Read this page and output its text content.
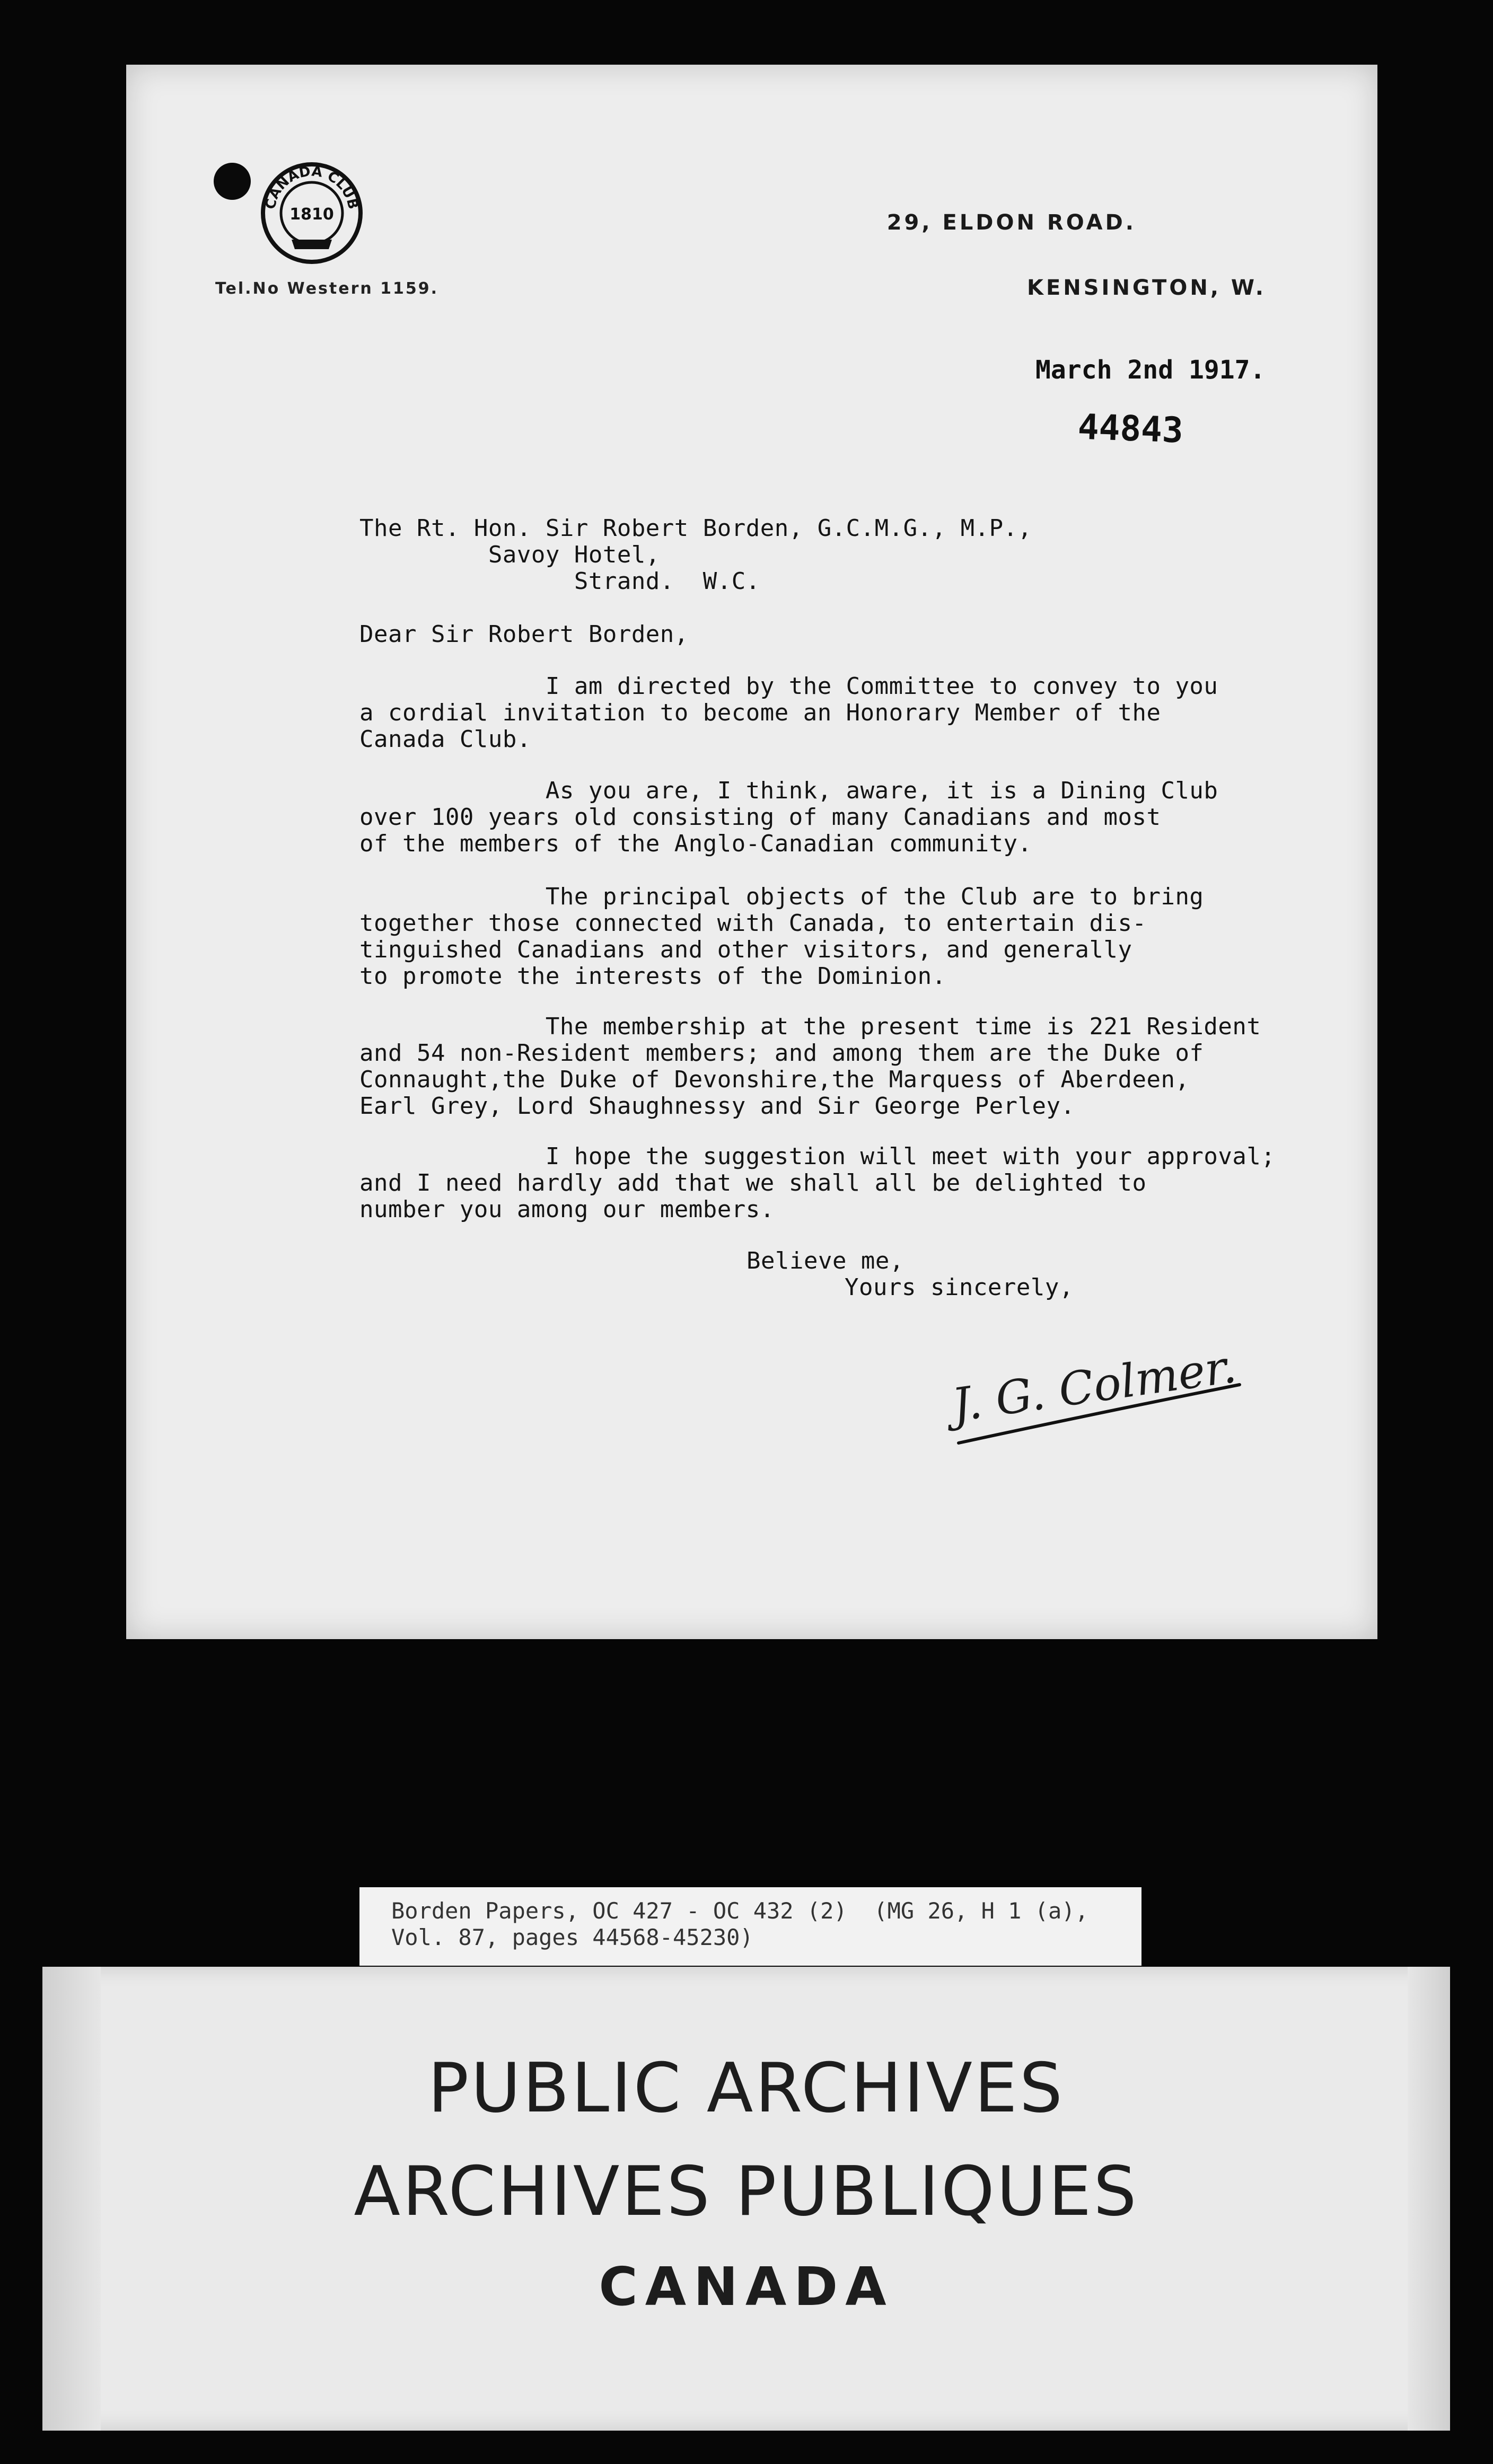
CANADA CLUB
1810
Tel.No Western 1159.
29, ELDON ROAD.
KENSINGTON, W.
March 2nd 1917.
44843
The Rt. Hon. Sir Robert Borden, G.C.M.G., M.P.,
Savoy Hotel,
Strand.  W.C.
Dear Sir Robert Borden,
I am directed by the Committee to convey to you
a cordial invitation to become an Honorary Member of the
Canada Club.
As you are, I think, aware, it is a Dining Club
over 100 years old consisting of many Canadians and most
of the members of the Anglo-Canadian community.
The principal objects of the Club are to bring
together those connected with Canada, to entertain dis-
tinguished Canadians and other visitors, and generally
to promote the interests of the Dominion.
The membership at the present time is 221 Resident
and 54 non-Resident members; and among them are the Duke of
Connaught,the Duke of Devonshire,the Marquess of Aberdeen,
Earl Grey, Lord Shaughnessy and Sir George Perley.
I hope the suggestion will meet with your approval;
and I need hardly add that we shall all be delighted to
number you among our members.
Believe me,
Yours sincerely,
J. G. Colmer.
Borden Papers, OC 427 - OC 432 (2)  (MG 26, H 1 (a),
Vol. 87, pages 44568-45230)
PUBLIC ARCHIVES
ARCHIVES PUBLIQUES
CANADA
